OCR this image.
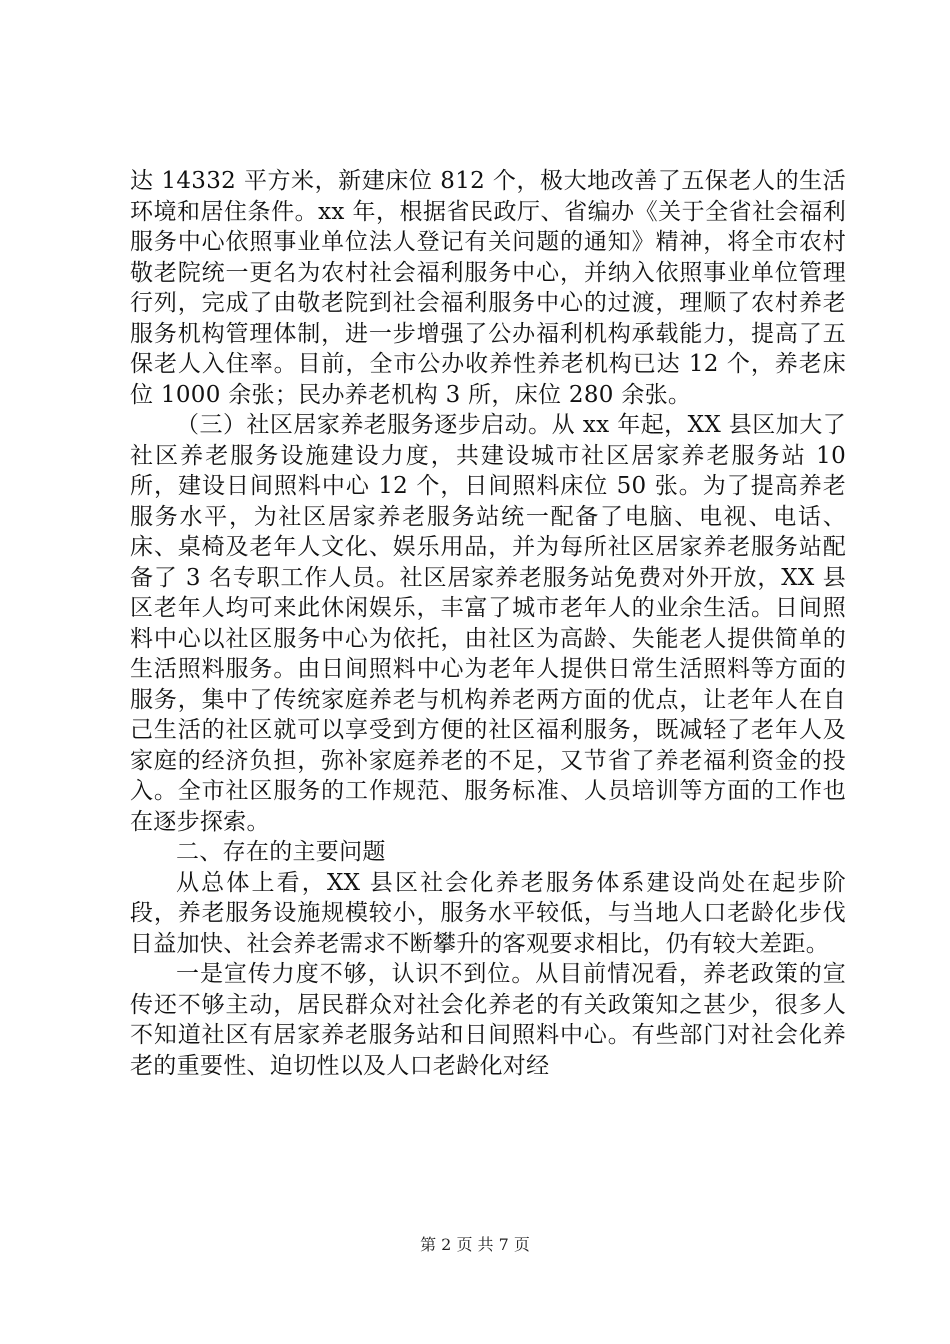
达 14332 平方米，新建床位 812 个，极大地改善了五保老人的生活环境和居住条件。xx 年，根据省民政厅、省编办《关于全省社会福利服务中心依照事业单位法人登记有关问题的通知》精神，将全市农村敬老院统一更名为农村社会福利服务中心，并纳入依照事业单位管理行列，完成了由敬老院到社会福利服务中心的过渡，理顺了农村养老服务机构管理体制，进一步增强了公办福利机构承载能力，提高了五保老人入住率。目前，全市公办收养性养老机构已达 12 个，养老床位 1000 余张；民办养老机构 3 所，床位 280 余张。

（三）社区居家养老服务逐步启动。从 xx 年起，XX 县区加大了社区养老服务设施建设力度，共建设城市社区居家养老服务站 10 所，建设日间照料中心 12 个，日间照料床位 50 张。为了提高养老服务水平，为社区居家养老服务站统一配备了电脑、电视、电话、床、桌椅及老年人文化、娱乐用品，并为每所社区居家养老服务站配备了 3 名专职工作人员。社区居家养老服务站免费对外开放，XX 县区老年人均可来此休闲娱乐，丰富了城市老年人的业余生活。日间照料中心以社区服务中心为依托，由社区为高龄、失能老人提供简单的生活照料服务。由日间照料中心为老年人提供日常生活照料等方面的服务，集中了传统家庭养老与机构养老两方面的优点，让老年人在自己生活的社区就可以享受到方便的社区福利服务，既减轻了老年人及家庭的经济负担，弥补家庭养老的不足，又节省了养老福利资金的投入。全市社区服务的工作规范、服务标准、人员培训等方面的工作也在逐步探索。

二、存在的主要问题

从总体上看，XX 县区社会化养老服务体系建设尚处在起步阶段，养老服务设施规模较小，服务水平较低，与当地人口老龄化步伐日益加快、社会养老需求不断攀升的客观要求相比，仍有较大差距。

一是宣传力度不够，认识不到位。从目前情况看，养老政策的宣传还不够主动，居民群众对社会化养老的有关政策知之甚少，很多人不知道社区有居家养老服务站和日间照料中心。有些部门对社会化养老的重要性、迫切性以及人口老龄化对经

第 2 页 共 7 页
